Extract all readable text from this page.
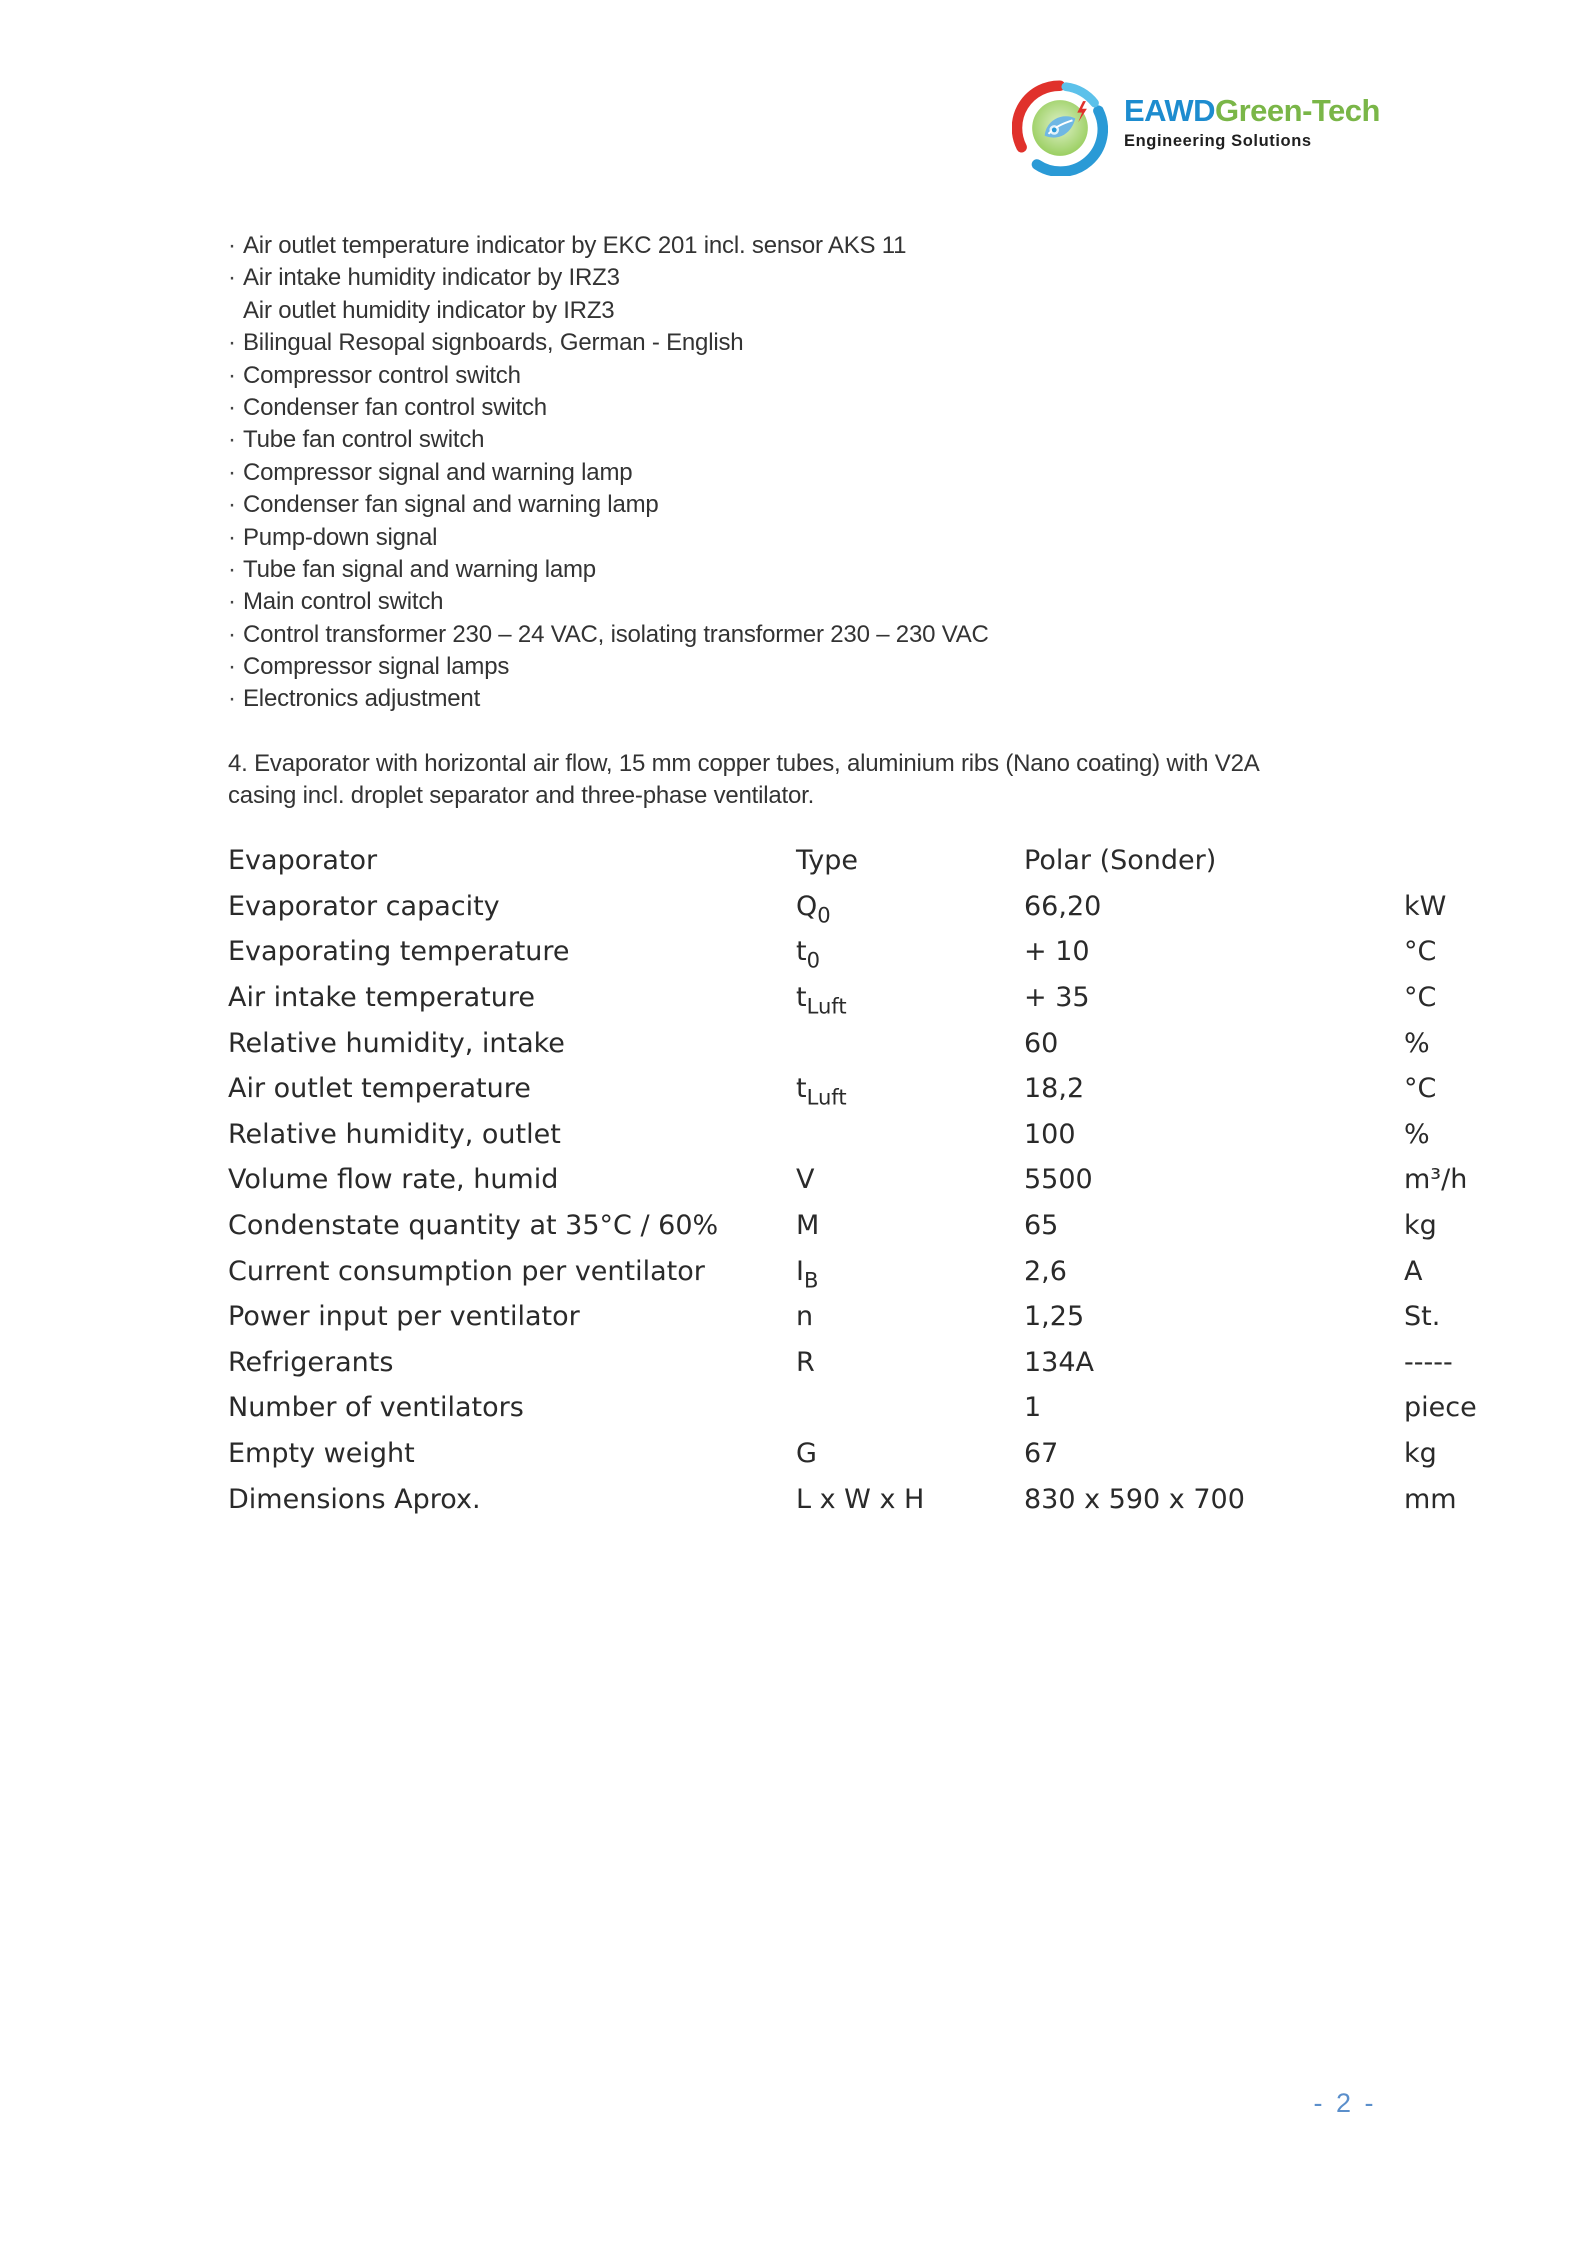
EAWDGreen-Tech
Engineering Solutions
· Air outlet temperature indicator by EKC 201 incl. sensor AKS 11
· Air intake humidity indicator by IRZ3
Air outlet humidity indicator by IRZ3
· Bilingual Resopal signboards, German - English
· Compressor control switch
· Condenser fan control switch
· Tube fan control switch
· Compressor signal and warning lamp
· Condenser fan signal and warning lamp
· Pump-down signal
· Tube fan signal and warning lamp
· Main control switch
· Control transformer 230 – 24 VAC, isolating transformer 230 – 230 VAC
· Compressor signal lamps
· Electronics adjustment
4. Evaporator with horizontal air flow, 15 mm copper tubes, aluminium ribs (Nano coating) with V2A
casing incl. droplet separator and three-phase ventilator.
Evaporator	Type	Polar (Sonder)	
Evaporator capacity	$Q_0$	66,20	kW
Evaporating temperature	$t_0$	+ 10	°C
Air intake temperature	$t_{Luft}$	+ 35	°C
Relative humidity, intake		60	%
Air outlet temperature	$t_{Luft}$	18,2	°C
Relative humidity, outlet		100	%
Volume flow rate, humid	V	5500	m³/h
Condenstate quantity at 35°C / 60%	M	65	kg
Current consumption per ventilator	$I_B$	2,6	A
Power input per ventilator	n	1,25	St.
Refrigerants	R	134A	-----
Number of ventilators		1	piece
Empty weight	G	67	kg
Dimensions Aprox.	L x W x H	830 x 590 x 700	mm
- 2 -
